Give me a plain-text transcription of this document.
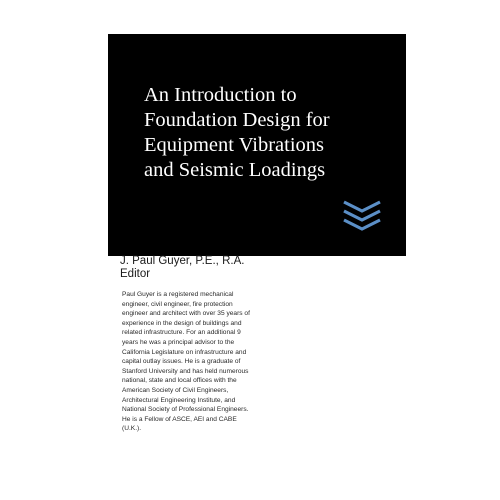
An Introduction to
Foundation Design for
Equipment Vibrations
and Seismic Loadings
J. Paul Guyer, P.E., R.A.
Editor
Paul Guyer is a registered mechanical
engineer, civil engineer, fire protection
engineer and architect with over 35 years of
experience in the design of buildings and
related infrastructure. For an additional 9
years he was a principal advisor to the
California Legislature on infrastructure and
capital outlay issues. He is a graduate of
Stanford University and has held numerous
national, state and local offices with the
American Society of Civil Engineers,
Architectural Engineering Institute, and
National Society of Professional Engineers.
He is a Fellow of ASCE, AEI and CABE
(U.K.).
